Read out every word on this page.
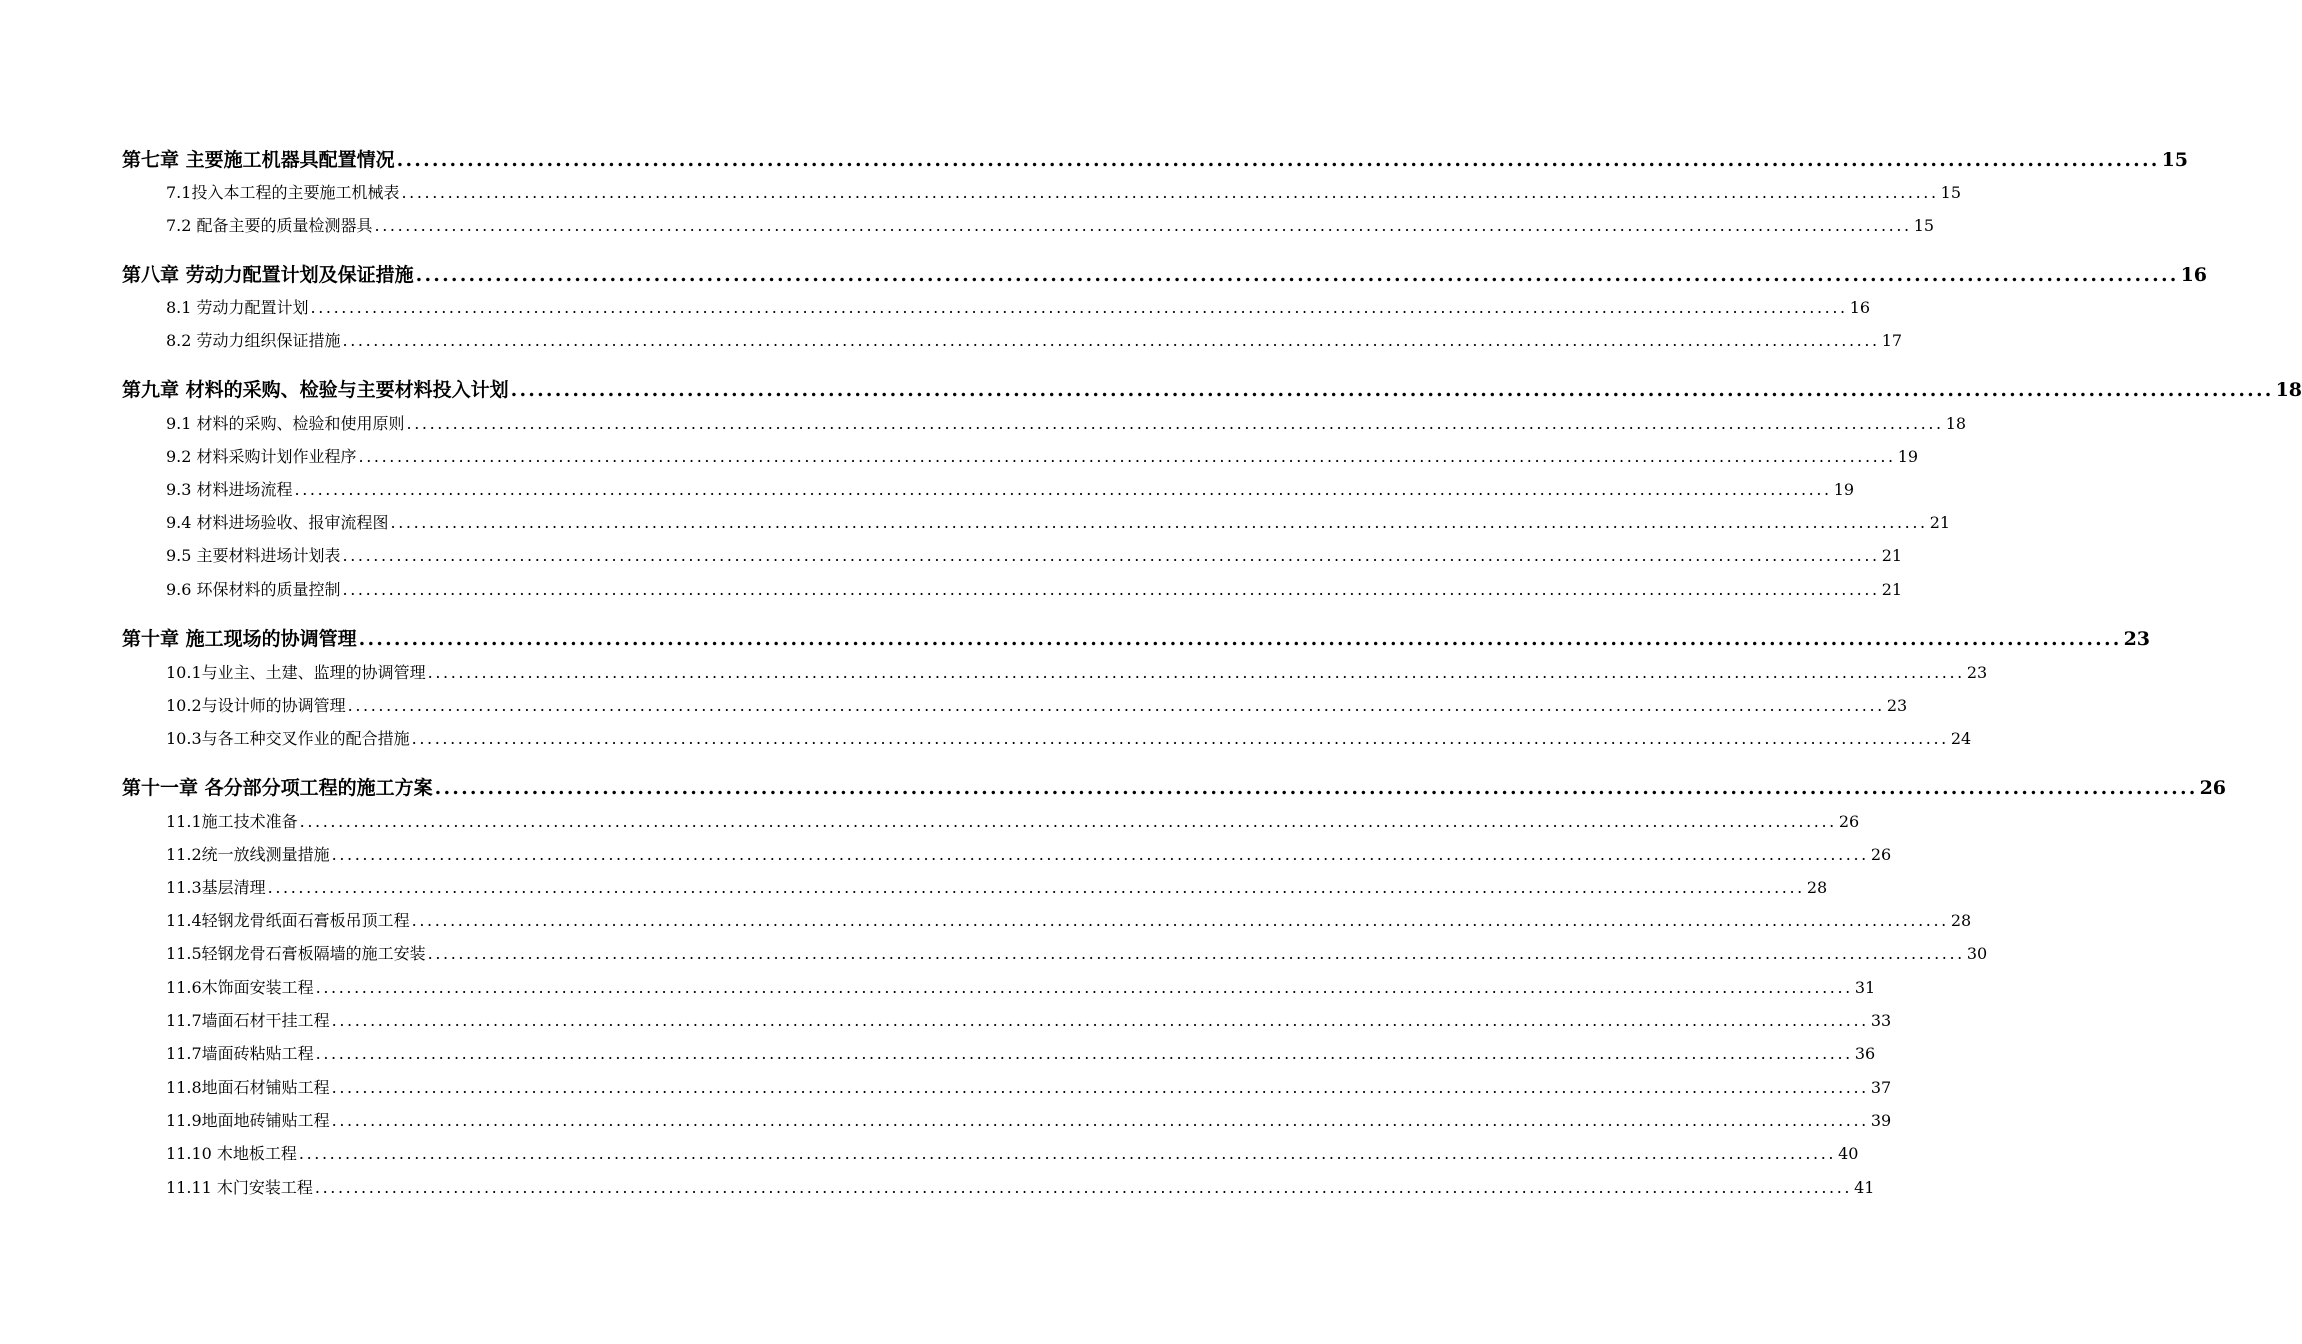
第七章 主要施工机器具配置情况 ........................................................................................................................................................................................................ 15
7.1投入本工程的主要施工机械表 ........................................................................................................................................................................................................ 15
7.2 配备主要的质量检测器具 ........................................................................................................................................................................................................ 15
第八章 劳动力配置计划及保证措施 ........................................................................................................................................................................................................ 16
8.1 劳动力配置计划 ........................................................................................................................................................................................................ 16
8.2 劳动力组织保证措施 ........................................................................................................................................................................................................ 17
第九章 材料的采购、检验与主要材料投入计划 ........................................................................................................................................................................................................ 18
9.1 材料的采购、检验和使用原则 ........................................................................................................................................................................................................ 18
9.2 材料采购计划作业程序 ........................................................................................................................................................................................................ 19
9.3 材料进场流程 ........................................................................................................................................................................................................ 19
9.4 材料进场验收、报审流程图 ........................................................................................................................................................................................................ 21
9.5 主要材料进场计划表 ........................................................................................................................................................................................................ 21
9.6 环保材料的质量控制 ........................................................................................................................................................................................................ 21
第十章 施工现场的协调管理 ........................................................................................................................................................................................................ 23
10.1与业主、土建、监理的协调管理 ........................................................................................................................................................................................................ 23
10.2与设计师的协调管理 ........................................................................................................................................................................................................ 23
10.3与各工种交叉作业的配合措施 ........................................................................................................................................................................................................ 24
第十一章 各分部分项工程的施工方案 ........................................................................................................................................................................................................ 26
11.1施工技术准备 ........................................................................................................................................................................................................ 26
11.2统一放线测量措施 ........................................................................................................................................................................................................ 26
11.3基层清理 ........................................................................................................................................................................................................ 28
11.4轻钢龙骨纸面石膏板吊顶工程 ........................................................................................................................................................................................................ 28
11.5轻钢龙骨石膏板隔墙的施工安装 ........................................................................................................................................................................................................ 30
11.6木饰面安装工程 ........................................................................................................................................................................................................ 31
11.7墙面石材干挂工程 ........................................................................................................................................................................................................ 33
11.7墙面砖粘贴工程 ........................................................................................................................................................................................................ 36
11.8地面石材铺贴工程 ........................................................................................................................................................................................................ 37
11.9地面地砖铺贴工程 ........................................................................................................................................................................................................ 39
11.10 木地板工程 ........................................................................................................................................................................................................ 40
11.11 木门安装工程 ........................................................................................................................................................................................................ 41
